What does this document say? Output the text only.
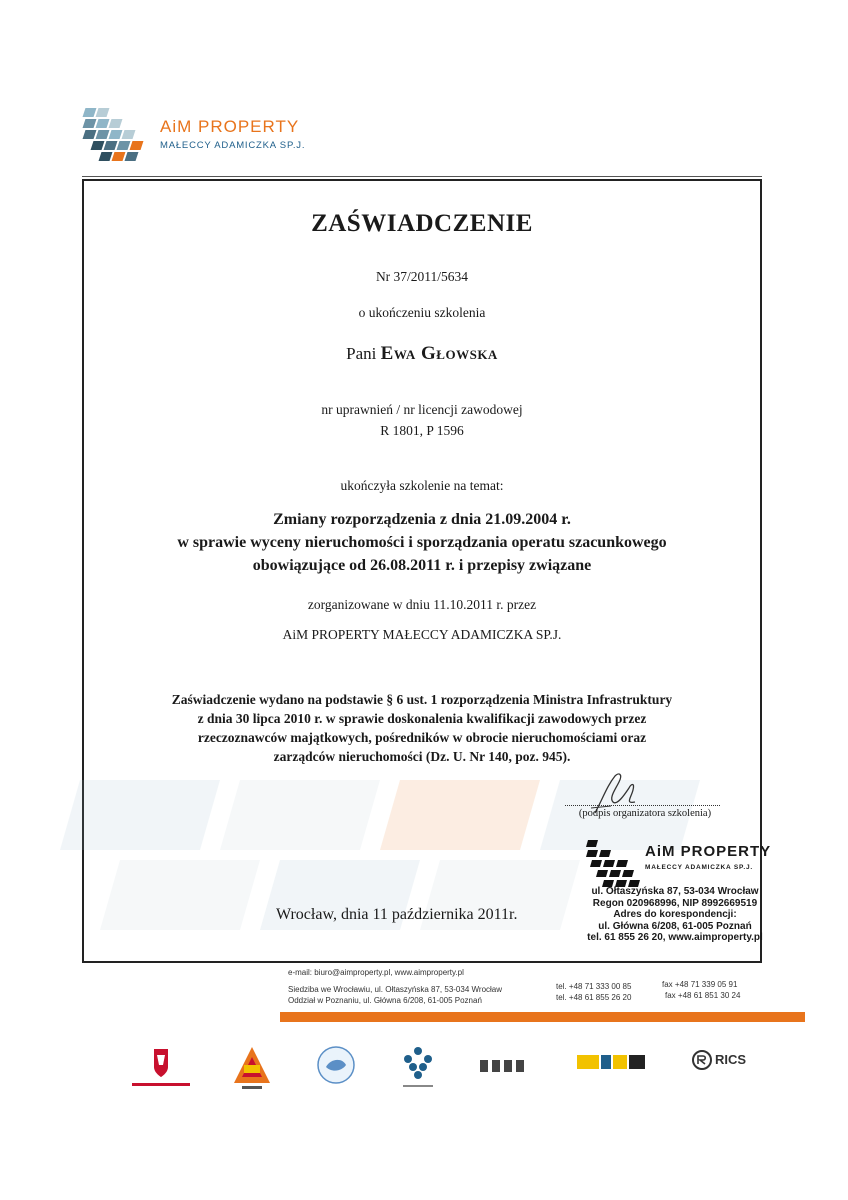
AiM PROPERTY
MAŁECCY ADAMICZKA SP.J.
ZAŚWIADCZENIE
Nr 37/2011/5634
o ukończeniu szkolenia
Pani Ewa Głowska
nr uprawnień / nr licencji zawodowej
R 1801, P 1596
ukończyła szkolenie na temat:
Zmiany rozporządzenia z dnia 21.09.2004 r.
w sprawie wyceny nieruchomości i sporządzania operatu szacunkowego
obowiązujące od 26.08.2011 r. i przepisy związane
zorganizowane w dniu 11.10.2011 r. przez
AiM PROPERTY MAŁECCY ADAMICZKA SP.J.
Zaświadczenie wydano na podstawie § 6 ust. 1 rozporządzenia Ministra Infrastruktury
z dnia 30 lipca 2010 r. w sprawie doskonalenia kwalifikacji zawodowych przez
rzeczoznawców majątkowych, pośredników w obrocie nieruchomościami oraz
zarządców nieruchomości (Dz. U. Nr 140, poz. 945).
(podpis organizatora szkolenia)
AiM PROPERTY
MAŁECCY ADAMICZKA SP.J.
ul. Ołtaszyńska 87, 53-034 Wrocław
Regon 020968996, NIP 8992669519
Adres do korespondencji:
ul. Główna 6/208, 61-005 Poznań
tel. 61 855 26 20, www.aimproperty.pl
Wrocław, dnia 11 października 2011r.
e-mail: biuro@aimproperty.pl, www.aimproperty.pl
Siedziba we Wrocławiu, ul. Ołtaszyńska 87, 53-034 Wrocław
Oddział w Poznaniu, ul. Główna 6/208, 61-005 Poznań
tel. +48 71 333 00 85
tel. +48 61 855 26 20
fax +48 71 339 05 91
fax +48 61 851 30 24
RICS
